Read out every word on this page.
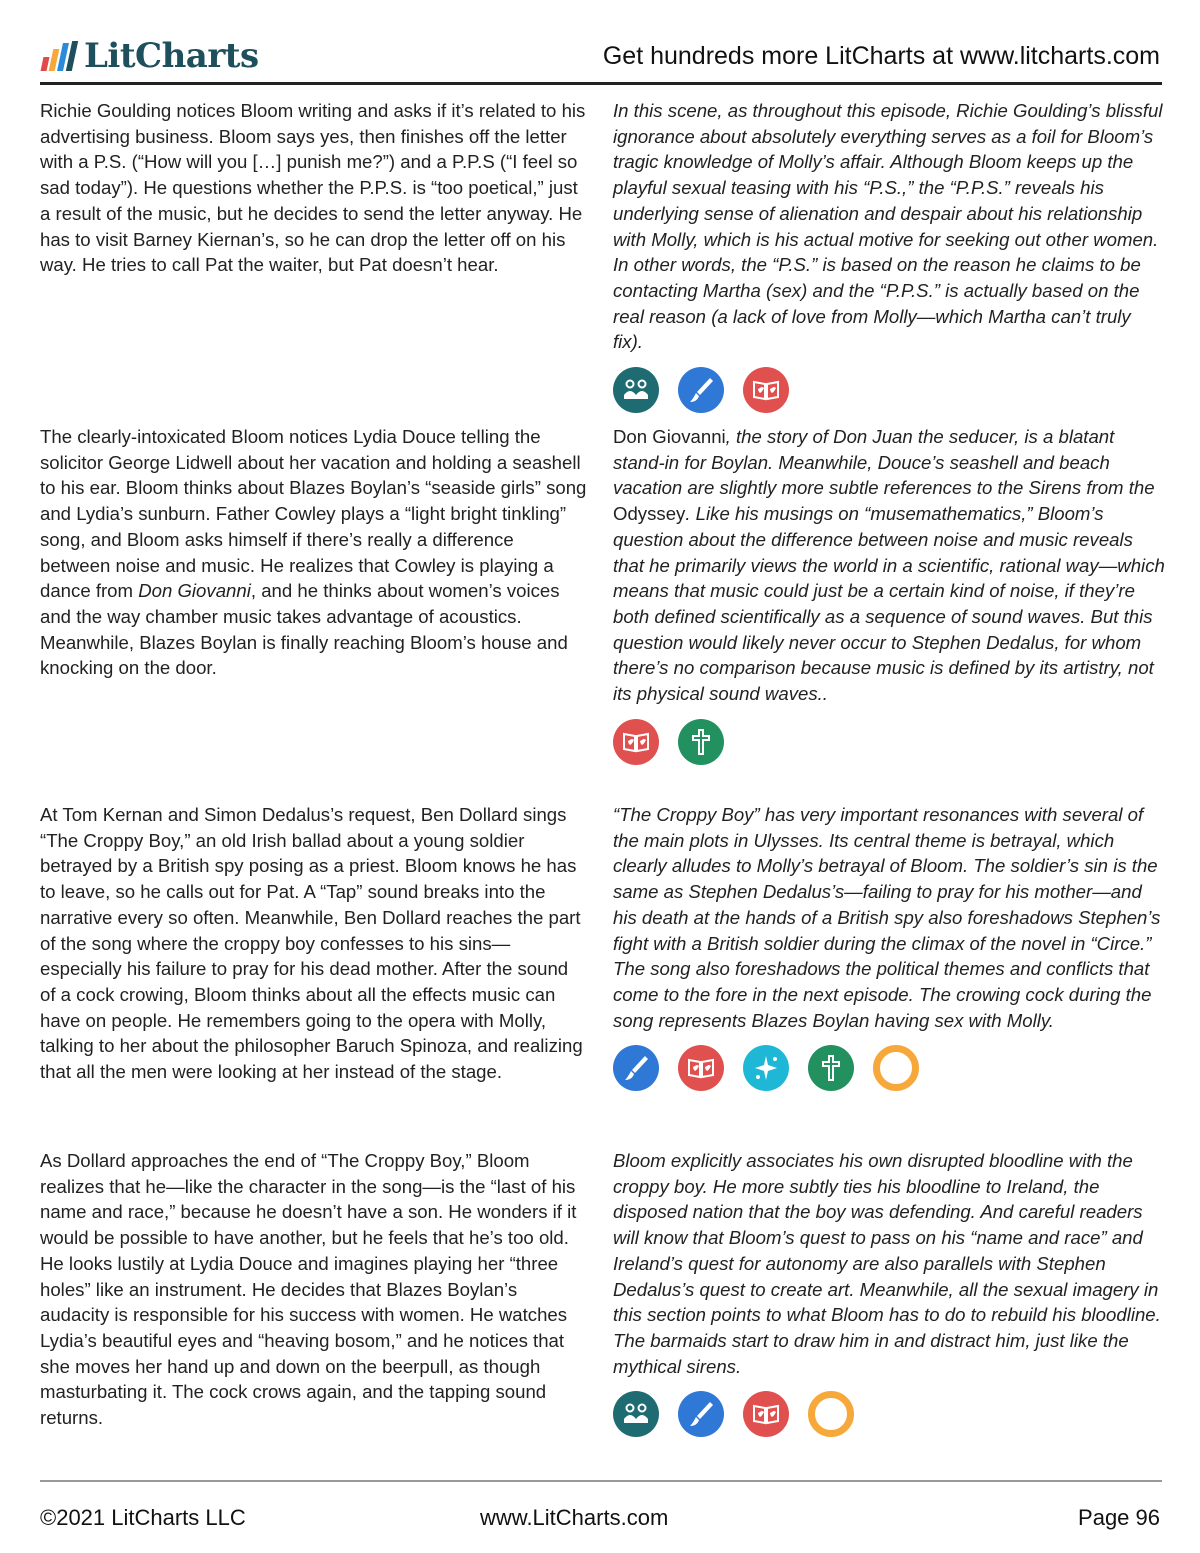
LitCharts	Get hundreds more LitCharts at www.litcharts.com
Richie Goulding notices Bloom writing and asks if it’s related to his advertising business. Bloom says yes, then finishes off the letter with a P.S. (“How will you […] punish me?”) and a P.P.S (“I feel so sad today”). He questions whether the P.P.S. is “too poetical,” just a result of the music, but he decides to send the letter anyway. He has to visit Barney Kiernan’s, so he can drop the letter off on his way. He tries to call Pat the waiter, but Pat doesn’t hear.
In this scene, as throughout this episode, Richie Goulding’s blissful ignorance about absolutely everything serves as a foil for Bloom’s tragic knowledge of Molly’s affair. Although Bloom keeps up the playful sexual teasing with his “P.S.,” the “P.P.S.” reveals his underlying sense of alienation and despair about his relationship with Molly, which is his actual motive for seeking out other women. In other words, the “P.S.” is based on the reason he claims to be contacting Martha (sex) and the “P.P.S.” is actually based on the real reason (a lack of love from Molly—which Martha can’t truly fix).
The clearly-intoxicated Bloom notices Lydia Douce telling the solicitor George Lidwell about her vacation and holding a seashell to his ear. Bloom thinks about Blazes Boylan’s “seaside girls” song and Lydia’s sunburn. Father Cowley plays a “light bright tinkling” song, and Bloom asks himself if there’s really a difference between noise and music. He realizes that Cowley is playing a dance from Don Giovanni, and he thinks about women’s voices and the way chamber music takes advantage of acoustics. Meanwhile, Blazes Boylan is finally reaching Bloom’s house and knocking on the door.
Don Giovanni, the story of Don Juan the seducer, is a blatant stand-in for Boylan. Meanwhile, Douce’s seashell and beach vacation are slightly more subtle references to the Sirens from the Odyssey. Like his musings on “musemathematics,” Bloom’s question about the difference between noise and music reveals that he primarily views the world in a scientific, rational way—which means that music could just be a certain kind of noise, if they’re both defined scientifically as a sequence of sound waves. But this question would likely never occur to Stephen Dedalus, for whom there’s no comparison because music is defined by its artistry, not its physical sound waves..
At Tom Kernan and Simon Dedalus’s request, Ben Dollard sings “The Croppy Boy,” an old Irish ballad about a young soldier betrayed by a British spy posing as a priest. Bloom knows he has to leave, so he calls out for Pat. A “Tap” sound breaks into the narrative every so often. Meanwhile, Ben Dollard reaches the part of the song where the croppy boy confesses to his sins—especially his failure to pray for his dead mother. After the sound of a cock crowing, Bloom thinks about all the effects music can have on people. He remembers going to the opera with Molly, talking to her about the philosopher Baruch Spinoza, and realizing that all the men were looking at her instead of the stage.
“The Croppy Boy” has very important resonances with several of the main plots in Ulysses. Its central theme is betrayal, which clearly alludes to Molly’s betrayal of Bloom. The soldier’s sin is the same as Stephen Dedalus’s—failing to pray for his mother—and his death at the hands of a British spy also foreshadows Stephen’s fight with a British soldier during the climax of the novel in “Circe.” The song also foreshadows the political themes and conflicts that come to the fore in the next episode. The crowing cock during the song represents Blazes Boylan having sex with Molly.
As Dollard approaches the end of “The Croppy Boy,” Bloom realizes that he—like the character in the song—is the “last of his name and race,” because he doesn’t have a son. He wonders if it would be possible to have another, but he feels that he’s too old. He looks lustily at Lydia Douce and imagines playing her “three holes” like an instrument. He decides that Blazes Boylan’s audacity is responsible for his success with women. He watches Lydia’s beautiful eyes and “heaving bosom,” and he notices that she moves her hand up and down on the beerpull, as though masturbating it. The cock crows again, and the tapping sound returns.
Bloom explicitly associates his own disrupted bloodline with the croppy boy. He more subtly ties his bloodline to Ireland, the disposed nation that the boy was defending. And careful readers will know that Bloom’s quest to pass on his “name and race” and Ireland’s quest for autonomy are also parallels with Stephen Dedalus’s quest to create art. Meanwhile, all the sexual imagery in this section points to what Bloom has to do to rebuild his bloodline. The barmaids start to draw him in and distract him, just like the mythical sirens.
©2021 LitCharts LLC	www.LitCharts.com	Page 96
